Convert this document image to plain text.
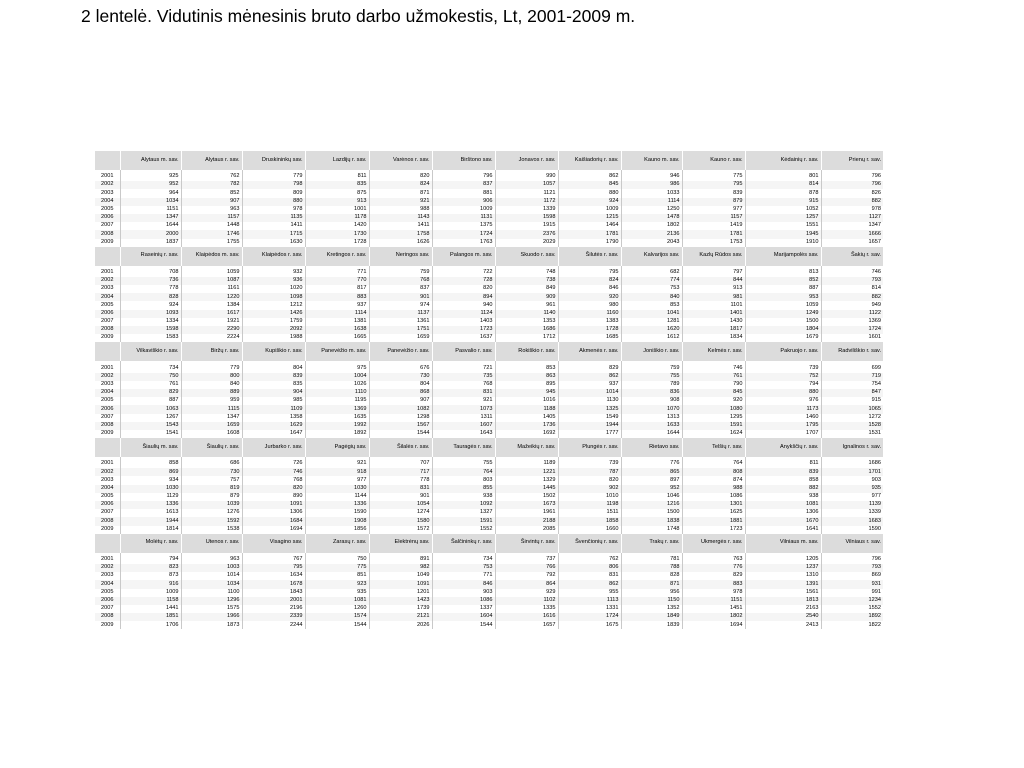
2 lentelė. Vidutinis mėnesinis bruto darbo užmokestis, Lt, 2001-2009 m.
	Alytaus m. sav.	Alytaus r. sav.	Druskininkų sav.	Lazdijų r. sav.	Varėnos r. sav.	Birštono sav.	Jonavos r. sav.	Kaišiadorių r. sav.	Kauno m. sav.	Kauno r. sav.	Kėdainių r. sav.	Prienų r. sav.
2001	925	762	779	811	820	796	990	862	946	775	801	796
2002	952	782	798	835	824	837	1057	845	986	795	814	796
2003	964	852	809	875	871	881	1121	880	1033	839	878	826
2004	1034	907	880	913	921	906	1172	924	1114	879	915	882
2005	1151	963	978	1001	988	1009	1339	1009	1250	977	1052	978
2006	1347	1157	1135	1178	1143	1131	1598	1215	1478	1157	1257	1127
2007	1644	1448	1411	1420	1411	1375	1915	1464	1802	1419	1551	1347
2008	2000	1746	1715	1730	1758	1724	2376	1781	2136	1781	1945	1666
2009	1837	1755	1630	1728	1626	1763	2029	1790	2043	1753	1910	1657
	Raseinių r. sav.	Klaipėdos m. sav.	Klaipėdos r. sav.	Kretingos r. sav.	Neringos sav.	Palangos m. sav.	Skuodo r. sav.	Šilutės r. sav.	Kalvarijos sav.	Kazlų Rūdos sav.	Marijampolės sav.	Šakių r. sav.
2001	708	1059	932	771	759	722	748	795	682	797	813	746
2002	736	1087	936	770	768	728	738	824	774	844	852	793
2003	778	1161	1020	817	837	820	849	846	753	913	887	814
2004	828	1220	1098	883	901	894	909	920	840	981	953	882
2005	924	1384	1212	937	974	940	961	980	853	1101	1059	949
2006	1093	1617	1426	1114	1137	1124	1140	1160	1041	1401	1249	1122
2007	1334	1921	1759	1381	1361	1403	1353	1383	1281	1430	1500	1369
2008	1598	2290	2092	1638	1751	1723	1686	1728	1620	1817	1804	1724
2009	1583	2224	1988	1665	1659	1637	1712	1685	1612	1834	1679	1601
	Vilkaviškio r. sav.	Biržų r. sav.	Kupiškio r. sav.	Panevėžio m. sav.	Panevėžio r. sav.	Pasvalio r. sav.	Rokiškio r. sav.	Akmenės r. sav.	Joniškio r. sav.	Kelmės r. sav.	Pakruojo r. sav.	Radviliškio r. sav.
2001	734	779	804	975	676	721	853	829	759	746	739	699
2002	750	800	839	1004	730	735	863	862	755	761	752	719
2003	761	840	835	1026	804	768	895	937	789	790	794	754
2004	829	889	904	1110	868	831	945	1014	836	845	880	847
2005	887	959	985	1195	907	921	1016	1130	908	920	976	915
2006	1063	1115	1109	1369	1082	1073	1188	1325	1070	1080	1173	1065
2007	1267	1347	1358	1635	1298	1311	1405	1549	1313	1295	1460	1272
2008	1543	1659	1629	1992	1567	1607	1736	1944	1633	1591	1795	1528
2009	1541	1608	1647	1892	1544	1643	1692	1777	1644	1624	1707	1531
	Šiaulių m. sav.	Šiaulių r. sav.	Jurbarko r. sav.	Pagėgių sav.	Šilalės r. sav.	Tauragės r. sav.	Mažeikių r. sav.	Plungės r. sav.	Rietavo sav.	Telšių r. sav.	Anykščių r. sav.	Ignalinos r. sav.
2001	858	686	726	921	707	755	1189	739	776	764	811	1686
2002	869	730	746	918	717	764	1221	787	865	808	839	1701
2003	934	757	768	977	778	803	1329	820	897	874	858	903
2004	1030	819	820	1030	831	855	1445	902	952	988	882	935
2005	1129	879	890	1144	901	938	1502	1010	1046	1086	938	977
2006	1336	1039	1091	1336	1054	1092	1673	1198	1216	1301	1081	1139
2007	1613	1276	1306	1590	1274	1327	1961	1511	1500	1625	1306	1339
2008	1944	1592	1684	1908	1580	1591	2188	1858	1838	1881	1670	1683
2009	1814	1538	1694	1856	1572	1552	2085	1660	1748	1723	1641	1590
	Molėtų r. sav.	Utenos r. sav.	Visagino sav.	Zarasų r. sav.	Elektrėnų sav.	Šalčininkų r. sav.	Širvintų r. sav.	Švenčionių r. sav.	Trakų r. sav.	Ukmergės r. sav.	Vilniaus m. sav.	Vilniaus r. sav.
2001	794	963	767	750	891	734	737	762	781	763	1205	796
2002	823	1003	795	775	982	753	766	806	788	776	1237	793
2003	873	1014	1634	851	1049	771	792	831	828	829	1310	869
2004	916	1034	1678	923	1091	846	864	862	871	883	1391	931
2005	1009	1100	1843	935	1201	903	929	955	956	978	1561	991
2006	1158	1296	2001	1081	1423	1086	1102	1113	1150	1151	1813	1234
2007	1441	1575	2196	1260	1739	1337	1335	1331	1352	1451	2163	1552
2008	1851	1966	2339	1574	2121	1604	1616	1724	1849	1802	2540	1892
2009	1706	1873	2244	1544	2026	1544	1657	1675	1839	1694	2413	1822
